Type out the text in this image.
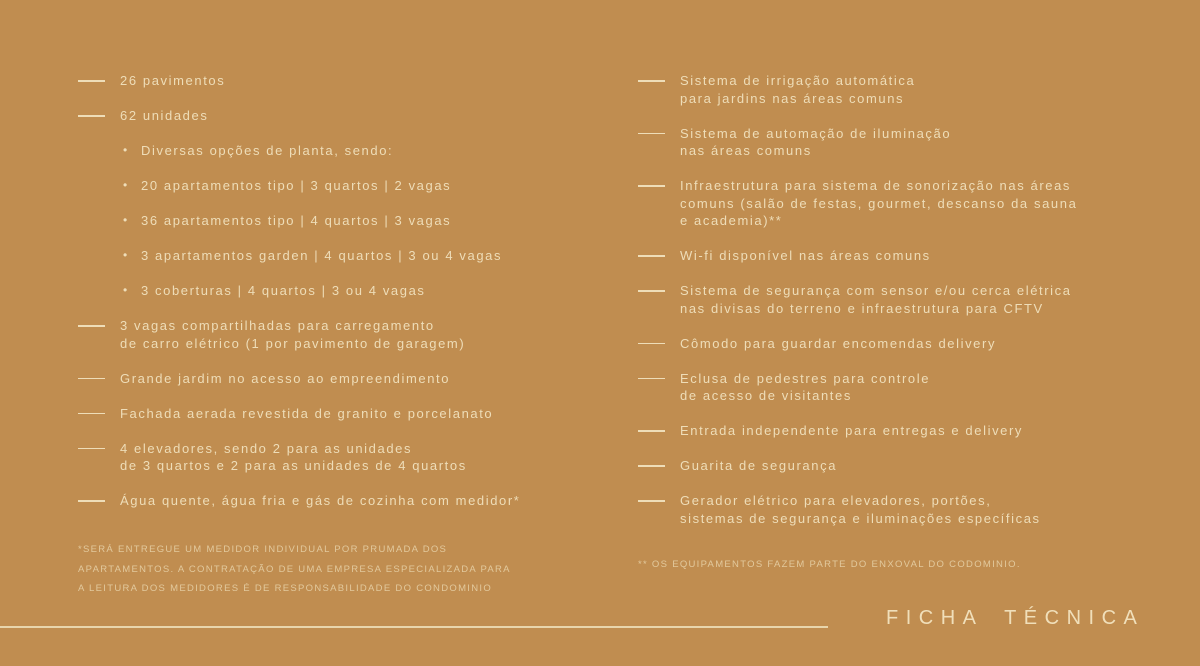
26 pavimentos
62 unidades
• Diversas opções de planta, sendo:
• 20 apartamentos tipo | 3 quartos | 2 vagas
• 36 apartamentos tipo | 4 quartos | 3 vagas
• 3 apartamentos garden | 4 quartos | 3 ou 4 vagas
• 3 coberturas | 4 quartos | 3 ou 4 vagas
3 vagas compartilhadas para carregamento
de carro elétrico (1 por pavimento de garagem)
Grande jardim no acesso ao empreendimento
Fachada aerada revestida de granito e porcelanato
4 elevadores, sendo 2 para as unidades
de 3 quartos e 2 para as unidades de 4 quartos
Água quente, água fria e gás de cozinha com medidor*
Sistema de irrigação automática
para jardins nas áreas comuns
Sistema de automação de iluminação
nas áreas comuns
Infraestrutura para sistema de sonorização nas áreas
comuns (salão de festas, gourmet, descanso da sauna
e academia)**
Wi-fi disponível nas áreas comuns
Sistema de segurança com sensor e/ou cerca elétrica
nas divisas do terreno e infraestrutura para CFTV
Cômodo para guardar encomendas delivery
Eclusa de pedestres para controle
de acesso de visitantes
Entrada independente para entregas e delivery
Guarita de segurança
Gerador elétrico para elevadores, portões,
sistemas de segurança e iluminações específicas
*SERÁ ENTREGUE UM MEDIDOR INDIVIDUAL POR PRUMADA DOS
APARTAMENTOS. A CONTRATAÇÃO DE UMA EMPRESA ESPECIALIZADA PARA
A LEITURA DOS MEDIDORES É DE RESPONSABILIDADE DO CONDOMINIO
** OS EQUIPAMENTOS FAZEM PARTE DO ENXOVAL DO CODOMINIO.
FICHA TÉCNICA
